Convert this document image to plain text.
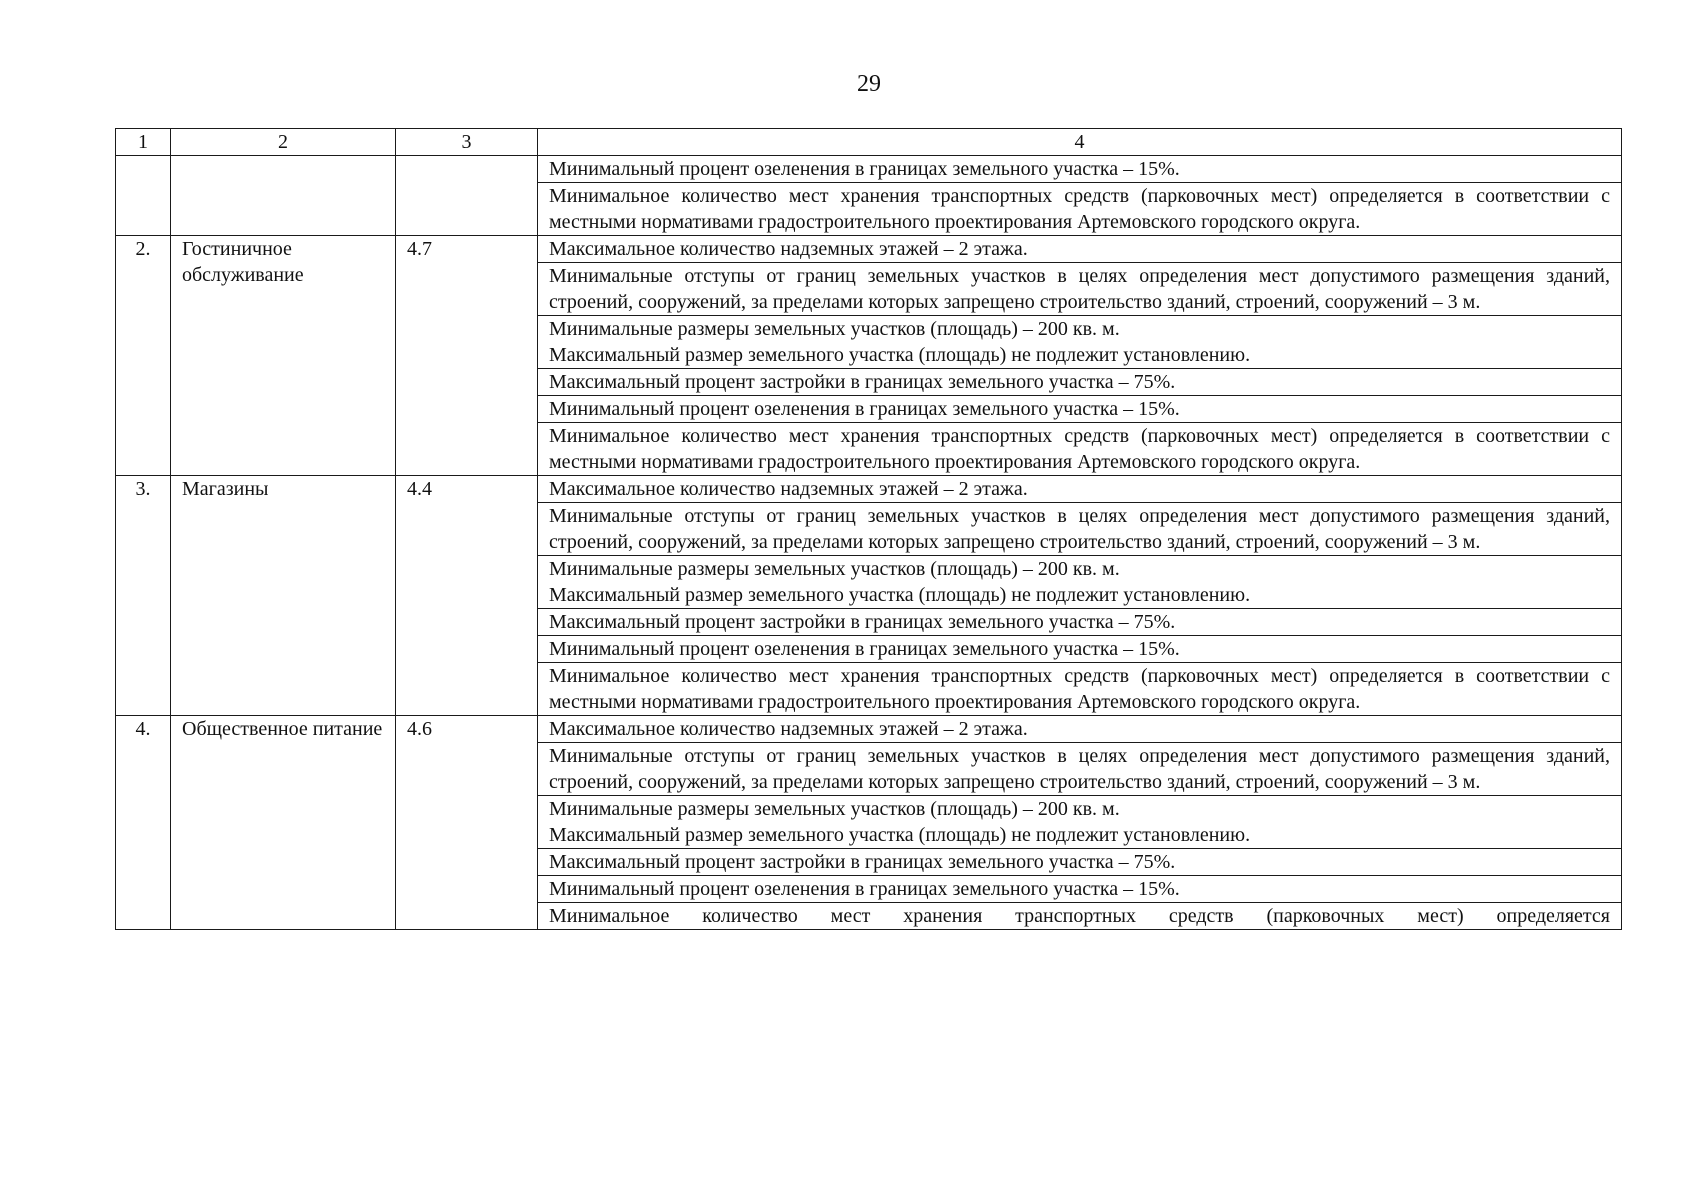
29
1	2	3	4
			Минимальный процент озеленения в границах земельного участка – 15%.
			Минимальное количество мест хранения транспортных средств (парковочных мест) определяется в соответствии с местными нормативами градостроительного проектирования Артемовского городского округа.
2.	Гостиничное обслуживание	4.7	Максимальное количество надземных этажей – 2 этажа.
			Минимальные отступы от границ земельных участков в целях определения мест допустимого размещения зданий, строений, сооружений, за пределами которых запрещено строительство зданий, строений, сооружений – 3 м.

			Минимальные размеры земельных участков (площадь) – 200 кв. м.
Максимальный размер земельного участка (площадь) не подлежит установлению.

			Максимальный процент застройки в границах земельного участка – 75%.
			Минимальный процент озеленения в границах земельного участка – 15%.
			Минимальное количество мест хранения транспортных средств (парковочных мест) определяется в соответствии с местными нормативами градостроительного проектирования Артемовского городского округа.
3.	Магазины	4.4	Максимальное количество надземных этажей – 2 этажа.
			Минимальные отступы от границ земельных участков в целях определения мест допустимого размещения зданий, строений, сооружений, за пределами которых запрещено строительство зданий, строений, сооружений – 3 м.

			Минимальные размеры земельных участков (площадь) – 200 кв. м.
Максимальный размер земельного участка (площадь) не подлежит установлению.

			Максимальный процент застройки в границах земельного участка – 75%.
			Минимальный процент озеленения в границах земельного участка – 15%.
			Минимальное количество мест хранения транспортных средств (парковочных мест) определяется в соответствии с местными нормативами градостроительного проектирования Артемовского городского округа.
4.	Общественное питание	4.6	Максимальное количество надземных этажей – 2 этажа.
			Минимальные отступы от границ земельных участков в целях определения мест допустимого размещения зданий, строений, сооружений, за пределами которых запрещено строительство зданий, строений, сооружений – 3 м.

			Минимальные размеры земельных участков (площадь) – 200 кв. м.
Максимальный размер земельного участка (площадь) не подлежит установлению.

			Максимальный процент застройки в границах земельного участка – 75%.
			Минимальный процент озеленения в границах земельного участка – 15%.
			Минимальное количество мест хранения транспортных средств (парковочных мест) определяется
